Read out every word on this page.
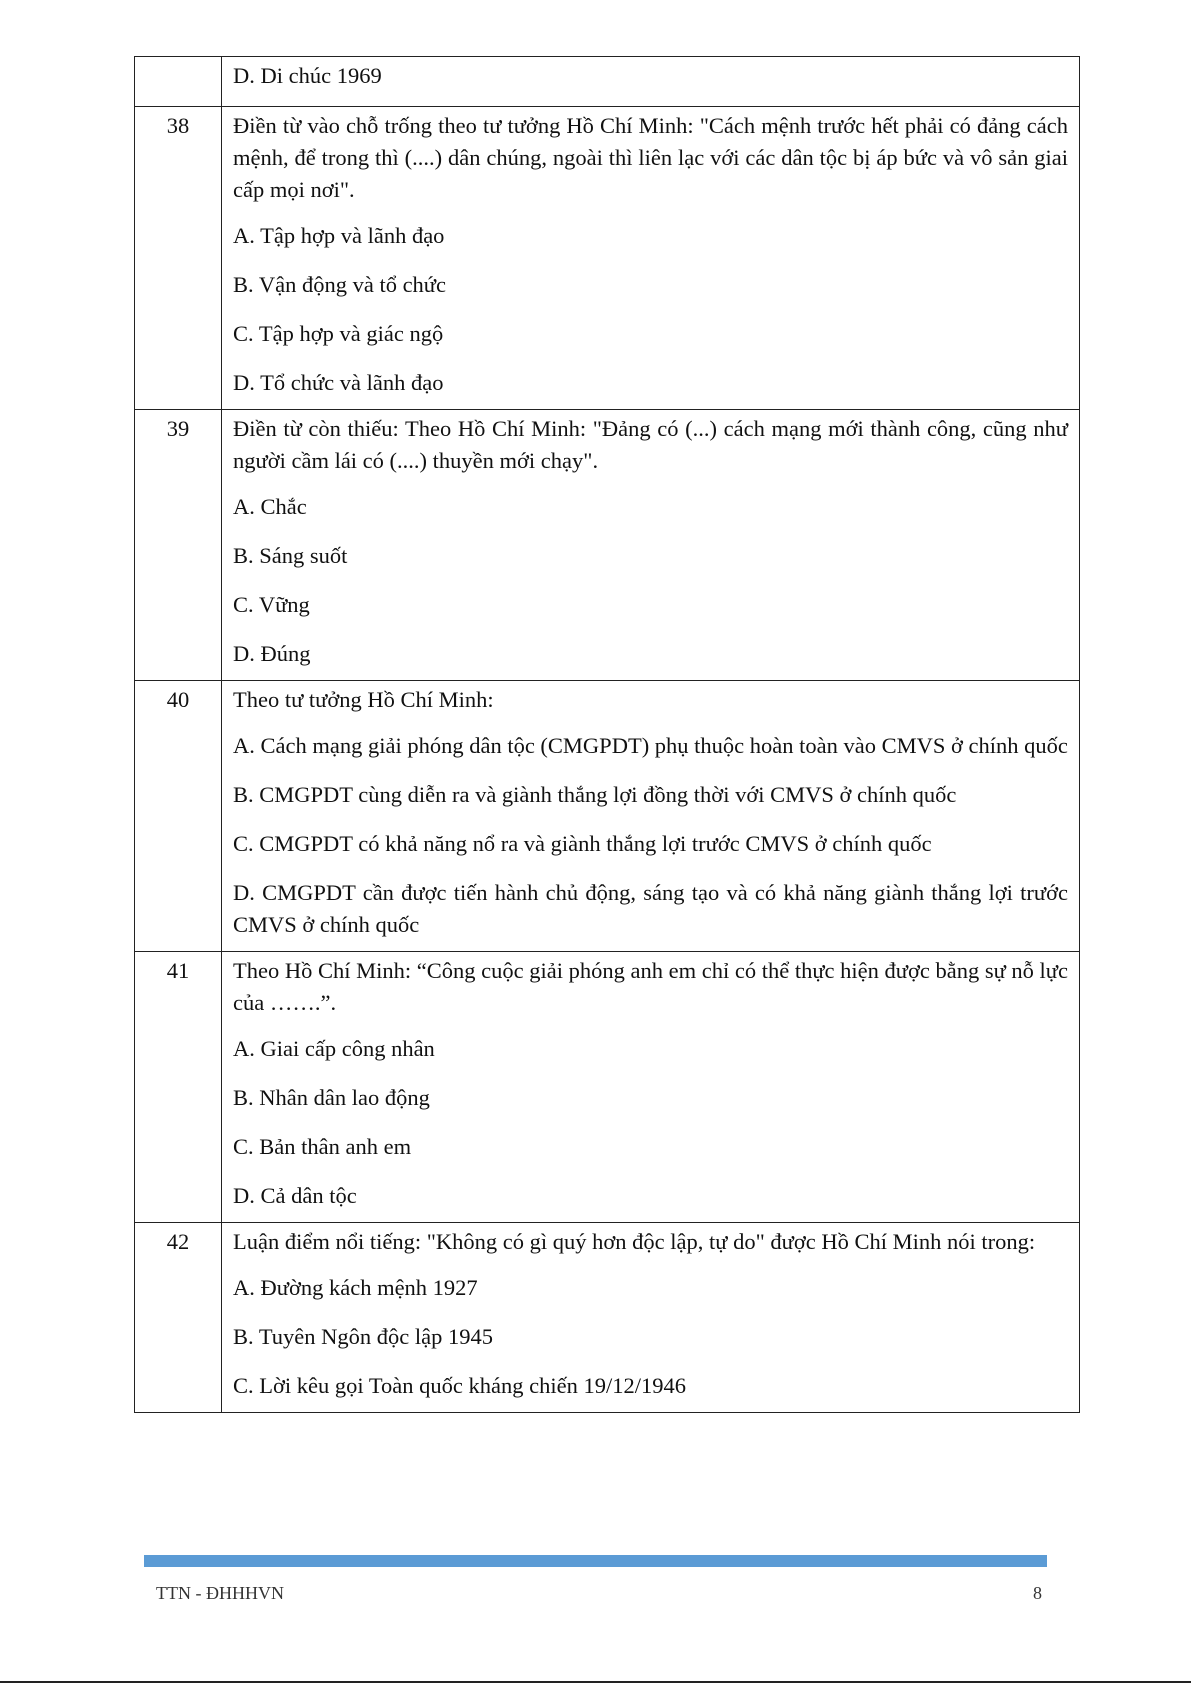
	D. Di chúc 1969

38	Điền từ vào chỗ trống theo tư tưởng Hồ Chí Minh: "Cách mệnh trước hết phải có đảng cách mệnh, để trong thì (....) dân chúng, ngoài thì liên lạc với các dân tộc bị áp bức và vô sản giai cấp mọi nơi".
A. Tập hợp và lãnh đạo
B. Vận động và tổ chức
C. Tập hợp và giác ngộ
D. Tổ chức và lãnh đạo

39	Điền từ còn thiếu: Theo Hồ Chí Minh: "Đảng có (...) cách mạng mới thành công, cũng như người cầm lái có (....) thuyền mới chạy".
A. Chắc
B. Sáng suốt
C. Vững
D. Đúng

40	Theo tư tưởng Hồ Chí Minh:
A. Cách mạng giải phóng dân tộc (CMGPDT) phụ thuộc hoàn toàn vào CMVS ở chính quốc
B. CMGPDT cùng diễn ra và giành thắng lợi đồng thời với CMVS ở chính quốc
C. CMGPDT có khả năng nổ ra và giành thắng lợi trước CMVS ở chính quốc
D. CMGPDT cần được tiến hành chủ động, sáng tạo và có khả năng giành thắng lợi trước CMVS ở chính quốc

41	Theo Hồ Chí Minh: “Công cuộc giải phóng anh em chỉ có thể thực hiện được bằng sự nỗ lực của …….”.
A. Giai cấp công nhân
B. Nhân dân lao động
C. Bản thân anh em
D. Cả dân tộc

42	Luận điểm nổi tiếng: "Không có gì quý hơn độc lập, tự do" được Hồ Chí Minh nói trong:
A. Đường kách mệnh 1927
B. Tuyên Ngôn độc lập 1945
C. Lời kêu gọi Toàn quốc kháng chiến 19/12/1946
TTN - ĐHHHVN	8
